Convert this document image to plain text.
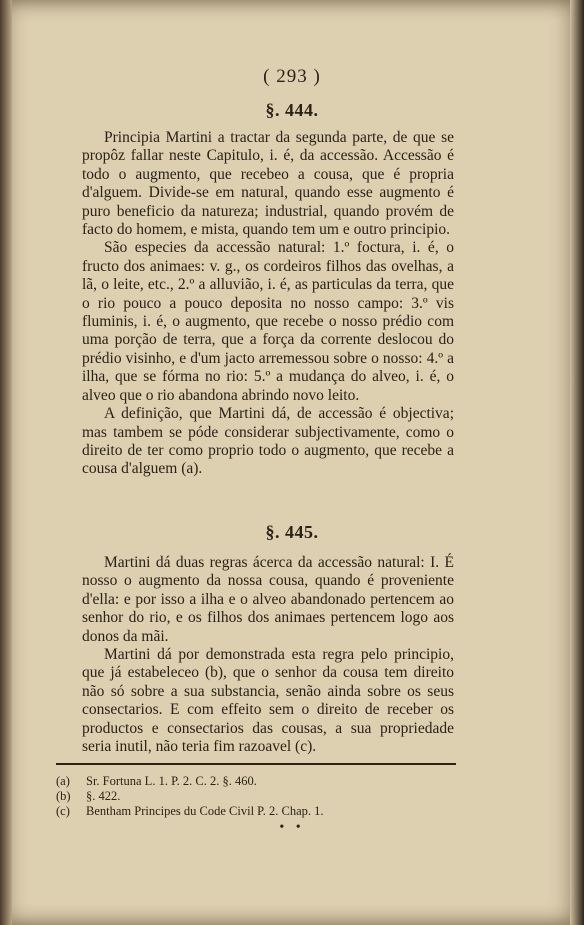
( 293 )
§. 444.

Principia Martini a tractar da segunda parte, de que se propôz fallar neste Capitulo, i. é, da accessão. Accessão é todo o augmento, que recebeo a cousa, que é propria d'alguem. Divide-se em natural, quando esse augmento é puro beneficio da natureza; industrial, quando provém de facto do homem, e mista, quando tem um e outro principio.

São especies da accessão natural: 1.º foctura, i. é, o fructo dos animaes: v. g., os cordeiros filhos das ovelhas, a lã, o leite, etc., 2.º a alluvião, i. é, as particulas da terra, que o rio pouco a pouco deposita no nosso campo: 3.º vis fluminis, i. é, o augmento, que recebe o nosso prédio com uma porção de terra, que a força da corrente deslocou do prédio visinho, e d'um jacto arremessou sobre o nosso: 4.º a ilha, que se fórma no rio: 5.º a mudança do alveo, i. é, o alveo que o rio abandona abrindo novo leito.

A definição, que Martini dá, de accessão é objectiva; mas tambem se póde considerar subjectivamente, como o direito de ter como proprio todo o augmento, que recebe a cousa d'alguem (a).

§. 445.

Martini dá duas regras ácerca da accessão natural: I. É nosso o augmento da nossa cousa, quando é proveniente d'ella: e por isso a ilha e o alveo abandonado pertencem ao senhor do rio, e os filhos dos animaes pertencem logo aos donos da mãi.

Martini dá por demonstrada esta regra pelo principio, que já estabeleceo (b), que o senhor da cousa tem direito não só sobre a sua substancia, senão ainda sobre os seus consectarios. E com effeito sem o direito de receber os productos e consectarios das cousas, a sua propriedade seria inutil, não teria fim razoavel (c).

(a)	Sr. Fortuna L. 1. P. 2. C. 2. §. 460.
(b)	§. 422.
(c)	Bentham Principes du Code Civil P. 2. Chap. 1.
• •
